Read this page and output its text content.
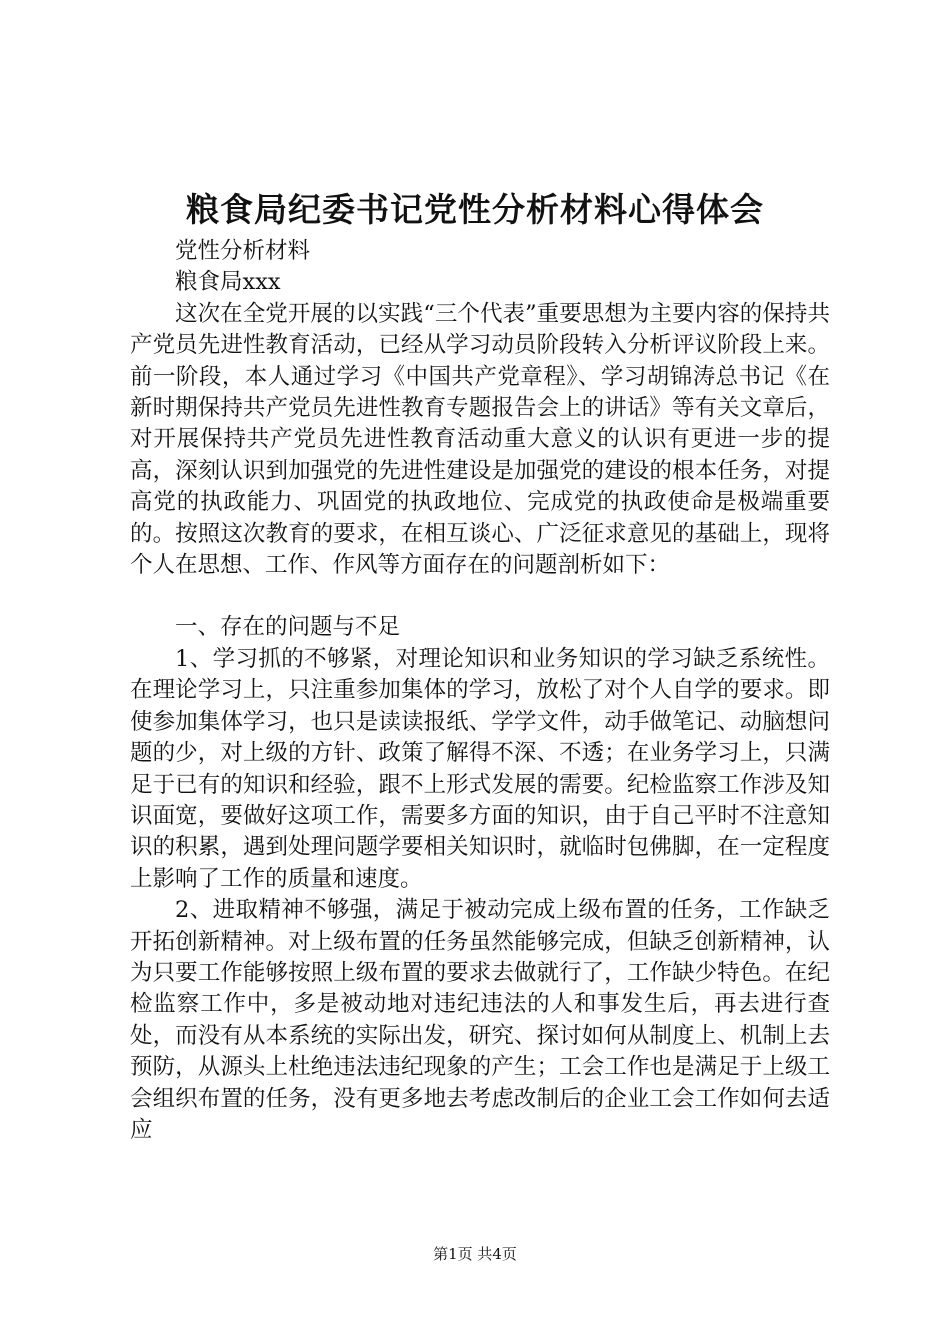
粮食局纪委书记党性分析材料心得体会

党性分析材料

粮食局xxx

这次在全党开展的以实践“三个代表”重要思想为主要内容的保持共产党员先进性教育活动，已经从学习动员阶段转入分析评议阶段上来。前一阶段，本人通过学习《中国共产党章程》、学习胡锦涛总书记《在新时期保持共产党员先进性教育专题报告会上的讲话》等有关文章后，对开展保持共产党员先进性教育活动重大意义的认识有更进一步的提高，深刻认识到加强党的先进性建设是加强党的建设的根本任务，对提高党的执政能力、巩固党的执政地位、完成党的执政使命是极端重要的。按照这次教育的要求，在相互谈心、广泛征求意见的基础上，现将个人在思想、工作、作风等方面存在的问题剖析如下：

一、存在的问题与不足

1、学习抓的不够紧，对理论知识和业务知识的学习缺乏系统性。在理论学习上，只注重参加集体的学习，放松了对个人自学的要求。即使参加集体学习，也只是读读报纸、学学文件，动手做笔记、动脑想问题的少，对上级的方针、政策了解得不深、不透；在业务学习上，只满足于已有的知识和经验，跟不上形式发展的需要。纪检监察工作涉及知识面宽，要做好这项工作，需要多方面的知识，由于自己平时不注意知识的积累，遇到处理问题学要相关知识时，就临时包佛脚，在一定程度上影响了工作的质量和速度。

2、进取精神不够强，满足于被动完成上级布置的任务，工作缺乏开拓创新精神。对上级布置的任务虽然能够完成，但缺乏创新精神，认为只要工作能够按照上级布置的要求去做就行了，工作缺少特色。在纪检监察工作中，多是被动地对违纪违法的人和事发生后，再去进行查处，而没有从本系统的实际出发，研究、探讨如何从制度上、机制上去预防，从源头上杜绝违法违纪现象的产生；工会工作也是满足于上级工会组织布置的任务，没有更多地去考虑改制后的企业工会工作如何去适应

第1页 共4页
